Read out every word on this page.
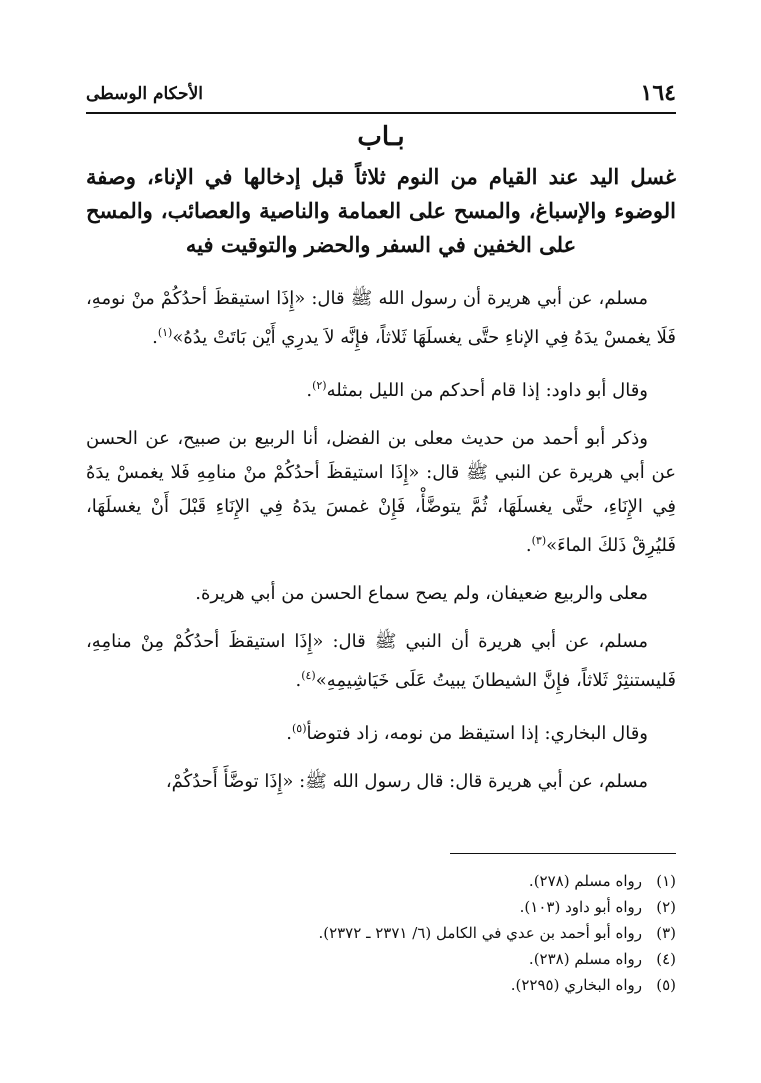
١٦٤
الأحكام الوسطى
بـاب
غسل اليد عند القيام من النوم ثلاثاً قبل إدخالها في الإناء، وصفة الوضوء والإسباغ، والمسح على العمامة والناصية والعصائب، والمسح على الخفين في السفر والحضر والتوقيت فيه

مسلم، عن أبي هريرة أن رسول الله ﷺ قال: «إِذَا استيقظَ أحدُكُمْ منْ نومهِ، فَلَا يغمسْ يدَهُ فِي الإناءِ حتَّى يغسلَهَا ثَلاثاً، فإِنَّه لاَ يدرِي أَيْن بَاتَتْ يدُهُ»$^{(١)}$.

وقال أبو داود: إذا قام أحدكم من الليل بمثله$^{(٢)}$.

وذكر أبو أحمد من حديث معلى بن الفضل، أنا الربيع بن صبيح، عن الحسن عن أبي هريرة عن النبي ﷺ قال: «إِذَا استيقظَ أحدُكُمْ منْ منامِهِ فَلا يغمسْ يدَهُ فِي الإِنَاءِ، حتَّى يغسلَهَا، ثُمَّ يتوضَّأْ، فَإِنْ غمسَ يدَهُ فِي الإِنَاءِ قَبْلَ أَنْ يغسلَهَا، فَليُرِقْ ذَلكَ الماءَ»$^{(٣)}$.

معلى والربيع ضعيفان، ولم يصح سماع الحسن من أبي هريرة.

مسلم، عن أبي هريرة أن النبي ﷺ قال: «إِذَا استيقظَ أحدُكُمْ مِنْ منامِهِ، فَليستنثِرْ ثَلاثاً، فإِنَّ الشيطانَ يبيتُ عَلَى خَيَاشِيمِهِ»$^{(٤)}$.

وقال البخاري: إذا استيقظ من نومه، زاد فتوضأ$^{(٥)}$.

مسلم، عن أبي هريرة قال: قال رسول الله ﷺ: «إِذَا توضَّأَ أَحدُكُمْ،

(١)رواه مسلم (٢٧٨).
(٢)رواه أبو داود (١٠٣).
(٣)رواه أبو أحمد بن عدي في الكامل (٦/ ٢٣٧١ ـ ٢٣٧٢).
(٤)رواه مسلم (٢٣٨).
(٥)رواه البخاري (٢٢٩٥).
